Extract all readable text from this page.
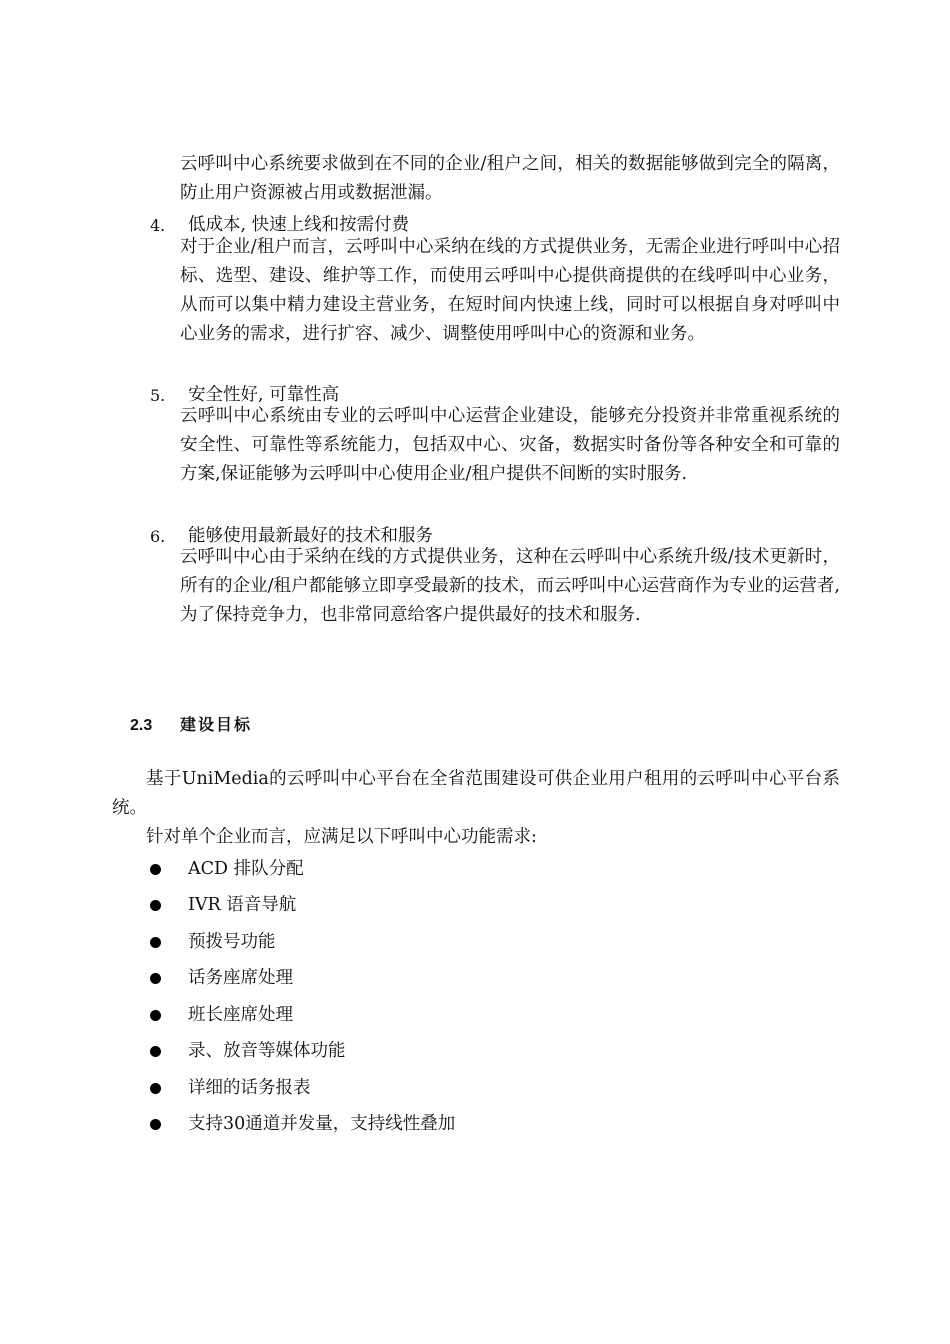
云呼叫中心系统要求做到在不同的企业/租户之间，相关的数据能够做到完全的隔离，防止用户资源被占用或数据泄漏。

4. 低成本, 快速上线和按需付费

对于企业/租户而言，云呼叫中心采纳在线的方式提供业务，无需企业进行呼叫中心招标、选型、建设、维护等工作，而使用云呼叫中心提供商提供的在线呼叫中心业务，从而可以集中精力建设主营业务，在短时间内快速上线，同时可以根据自身对呼叫中心业务的需求，进行扩容、减少、调整使用呼叫中心的资源和业务。

5. 安全性好, 可靠性高

云呼叫中心系统由专业的云呼叫中心运营企业建设，能够充分投资并非常重视系统的安全性、可靠性等系统能力，包括双中心、灾备，数据实时备份等各种安全和可靠的方案,保证能够为云呼叫中心使用企业/租户提供不间断的实时服务.

6. 能够使用最新最好的技术和服务

云呼叫中心由于采纳在线的方式提供业务，这种在云呼叫中心系统升级/技术更新时，所有的企业/租户都能够立即享受最新的技术，而云呼叫中心运营商作为专业的运营者,为了保持竞争力，也非常同意给客户提供最好的技术和服务.

2.3 建设目标

基于UniMedia的云呼叫中心平台在全省范围建设可供企业用户租用的云呼叫中心平台系统。

针对单个企业而言，应满足以下呼叫中心功能需求:

ACD 排队分配
IVR 语音导航
预拨号功能
话务座席处理
班长座席处理
录、放音等媒体功能
详细的话务报表
支持30通道并发量，支持线性叠加
